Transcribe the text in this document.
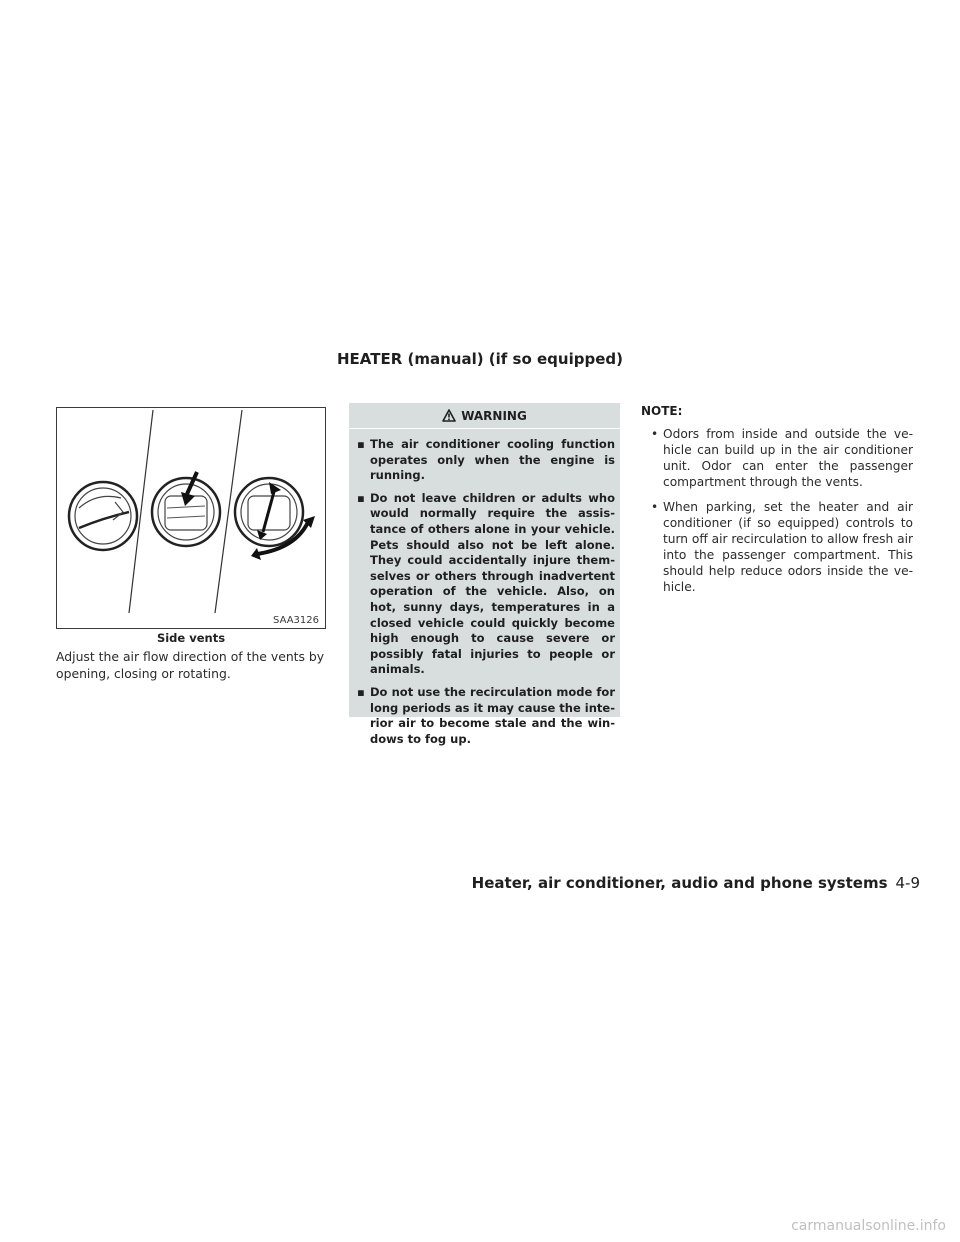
HEATER (manual) (if so equipped)
SAA3126
Side vents

Adjust the air flow direction of the vents by opening, closing or rotating.

WARNING
▪ The air conditioner cooling function operates only when the engine is running.
▪ Do not leave children or adults who would normally require the assis- tance of others alone in your vehicle. Pets should also not be left alone. They could accidentally injure them- selves or others through inadvertent operation of the vehicle. Also, on hot, sunny days, temperatures in a closed vehicle could quickly become high enough to cause severe or possibly fatal injuries to people or animals.
▪ Do not use the recirculation mode for long periods as it may cause the inte- rior air to become stale and the win- dows to fog up.

NOTE:

• Odors from inside and outside the ve- hicle can build up in the air conditioner unit. Odor can enter the passenger compartment through the vents.
• When parking, set the heater and air conditioner (if so equipped) controls to turn off air recirculation to allow fresh air into the passenger compartment. This should help reduce odors inside the ve- hicle.
Heater, air conditioner, audio and phone systems 4-9
carmanualsonline.info
